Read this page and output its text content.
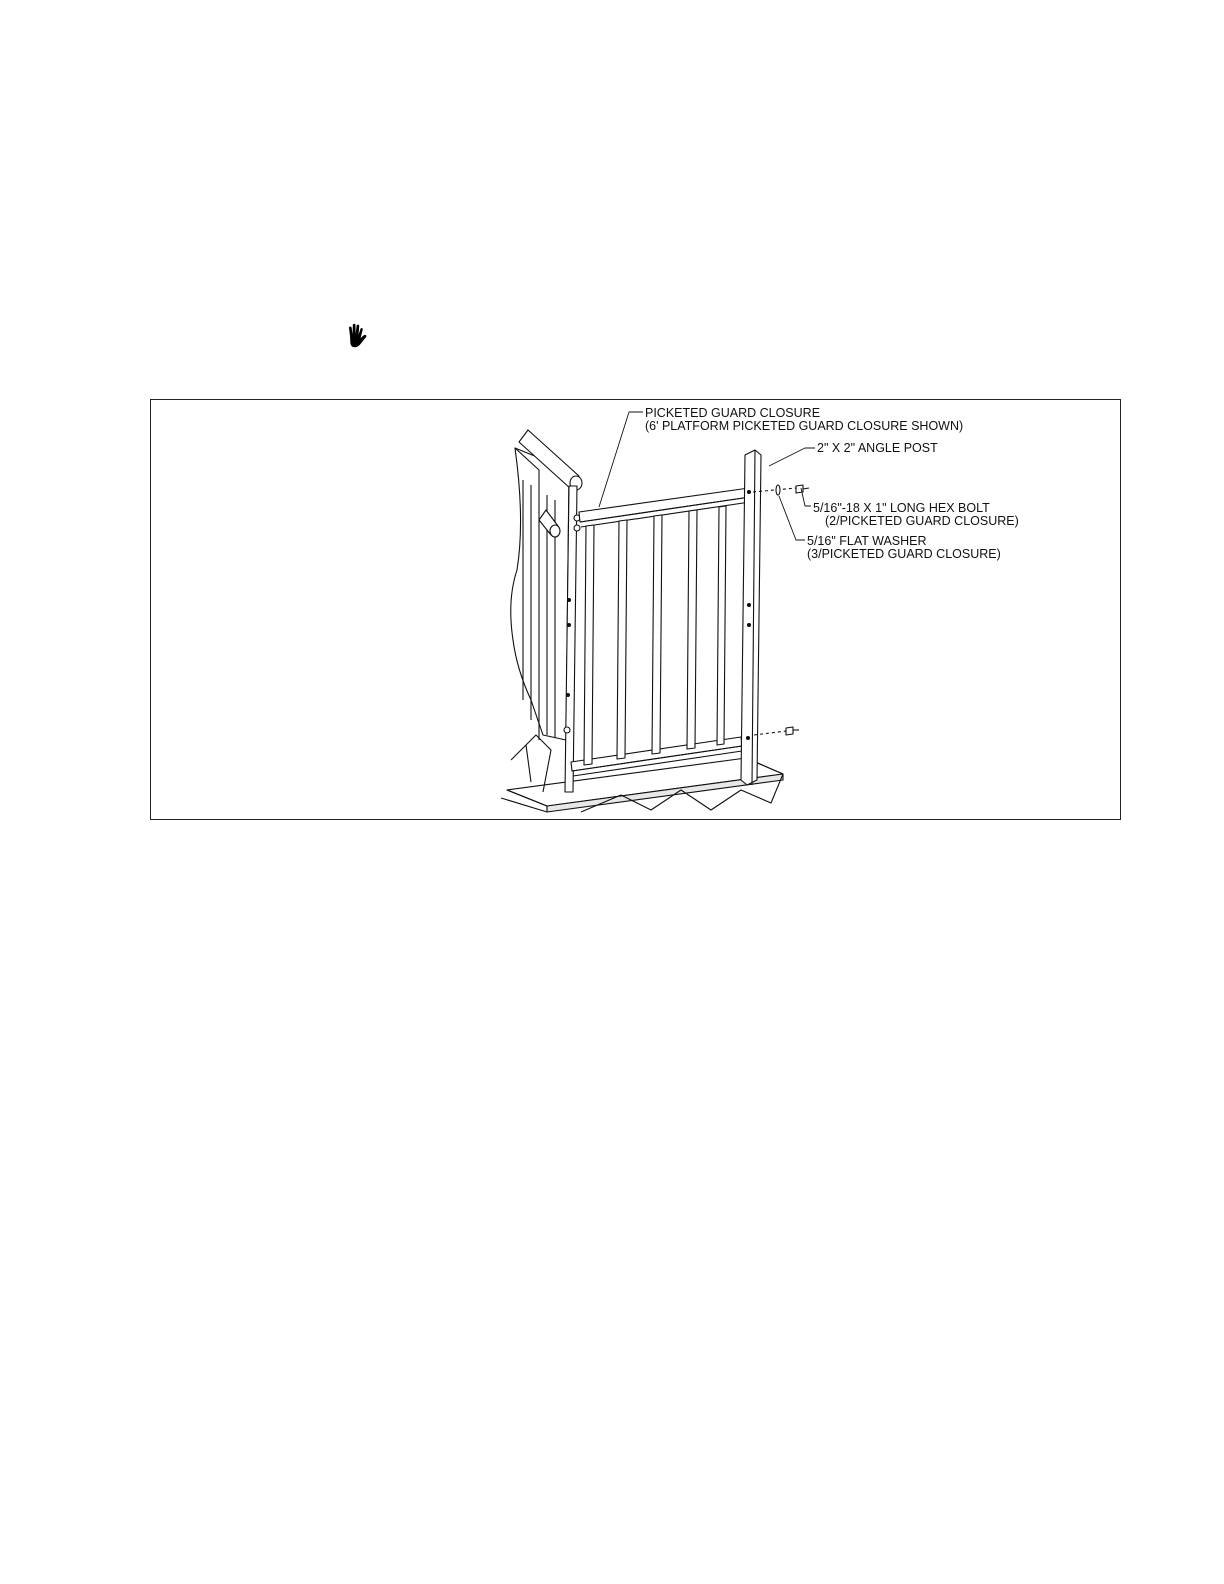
PICKETED GUARD CLOSURE
(6' PLATFORM PICKETED GUARD CLOSURE SHOWN)
2" X 2" ANGLE POST
5/16"-18 X 1" LONG HEX BOLT
(2/PICKETED GUARD CLOSURE)
5/16" FLAT WASHER
(3/PICKETED GUARD CLOSURE)
